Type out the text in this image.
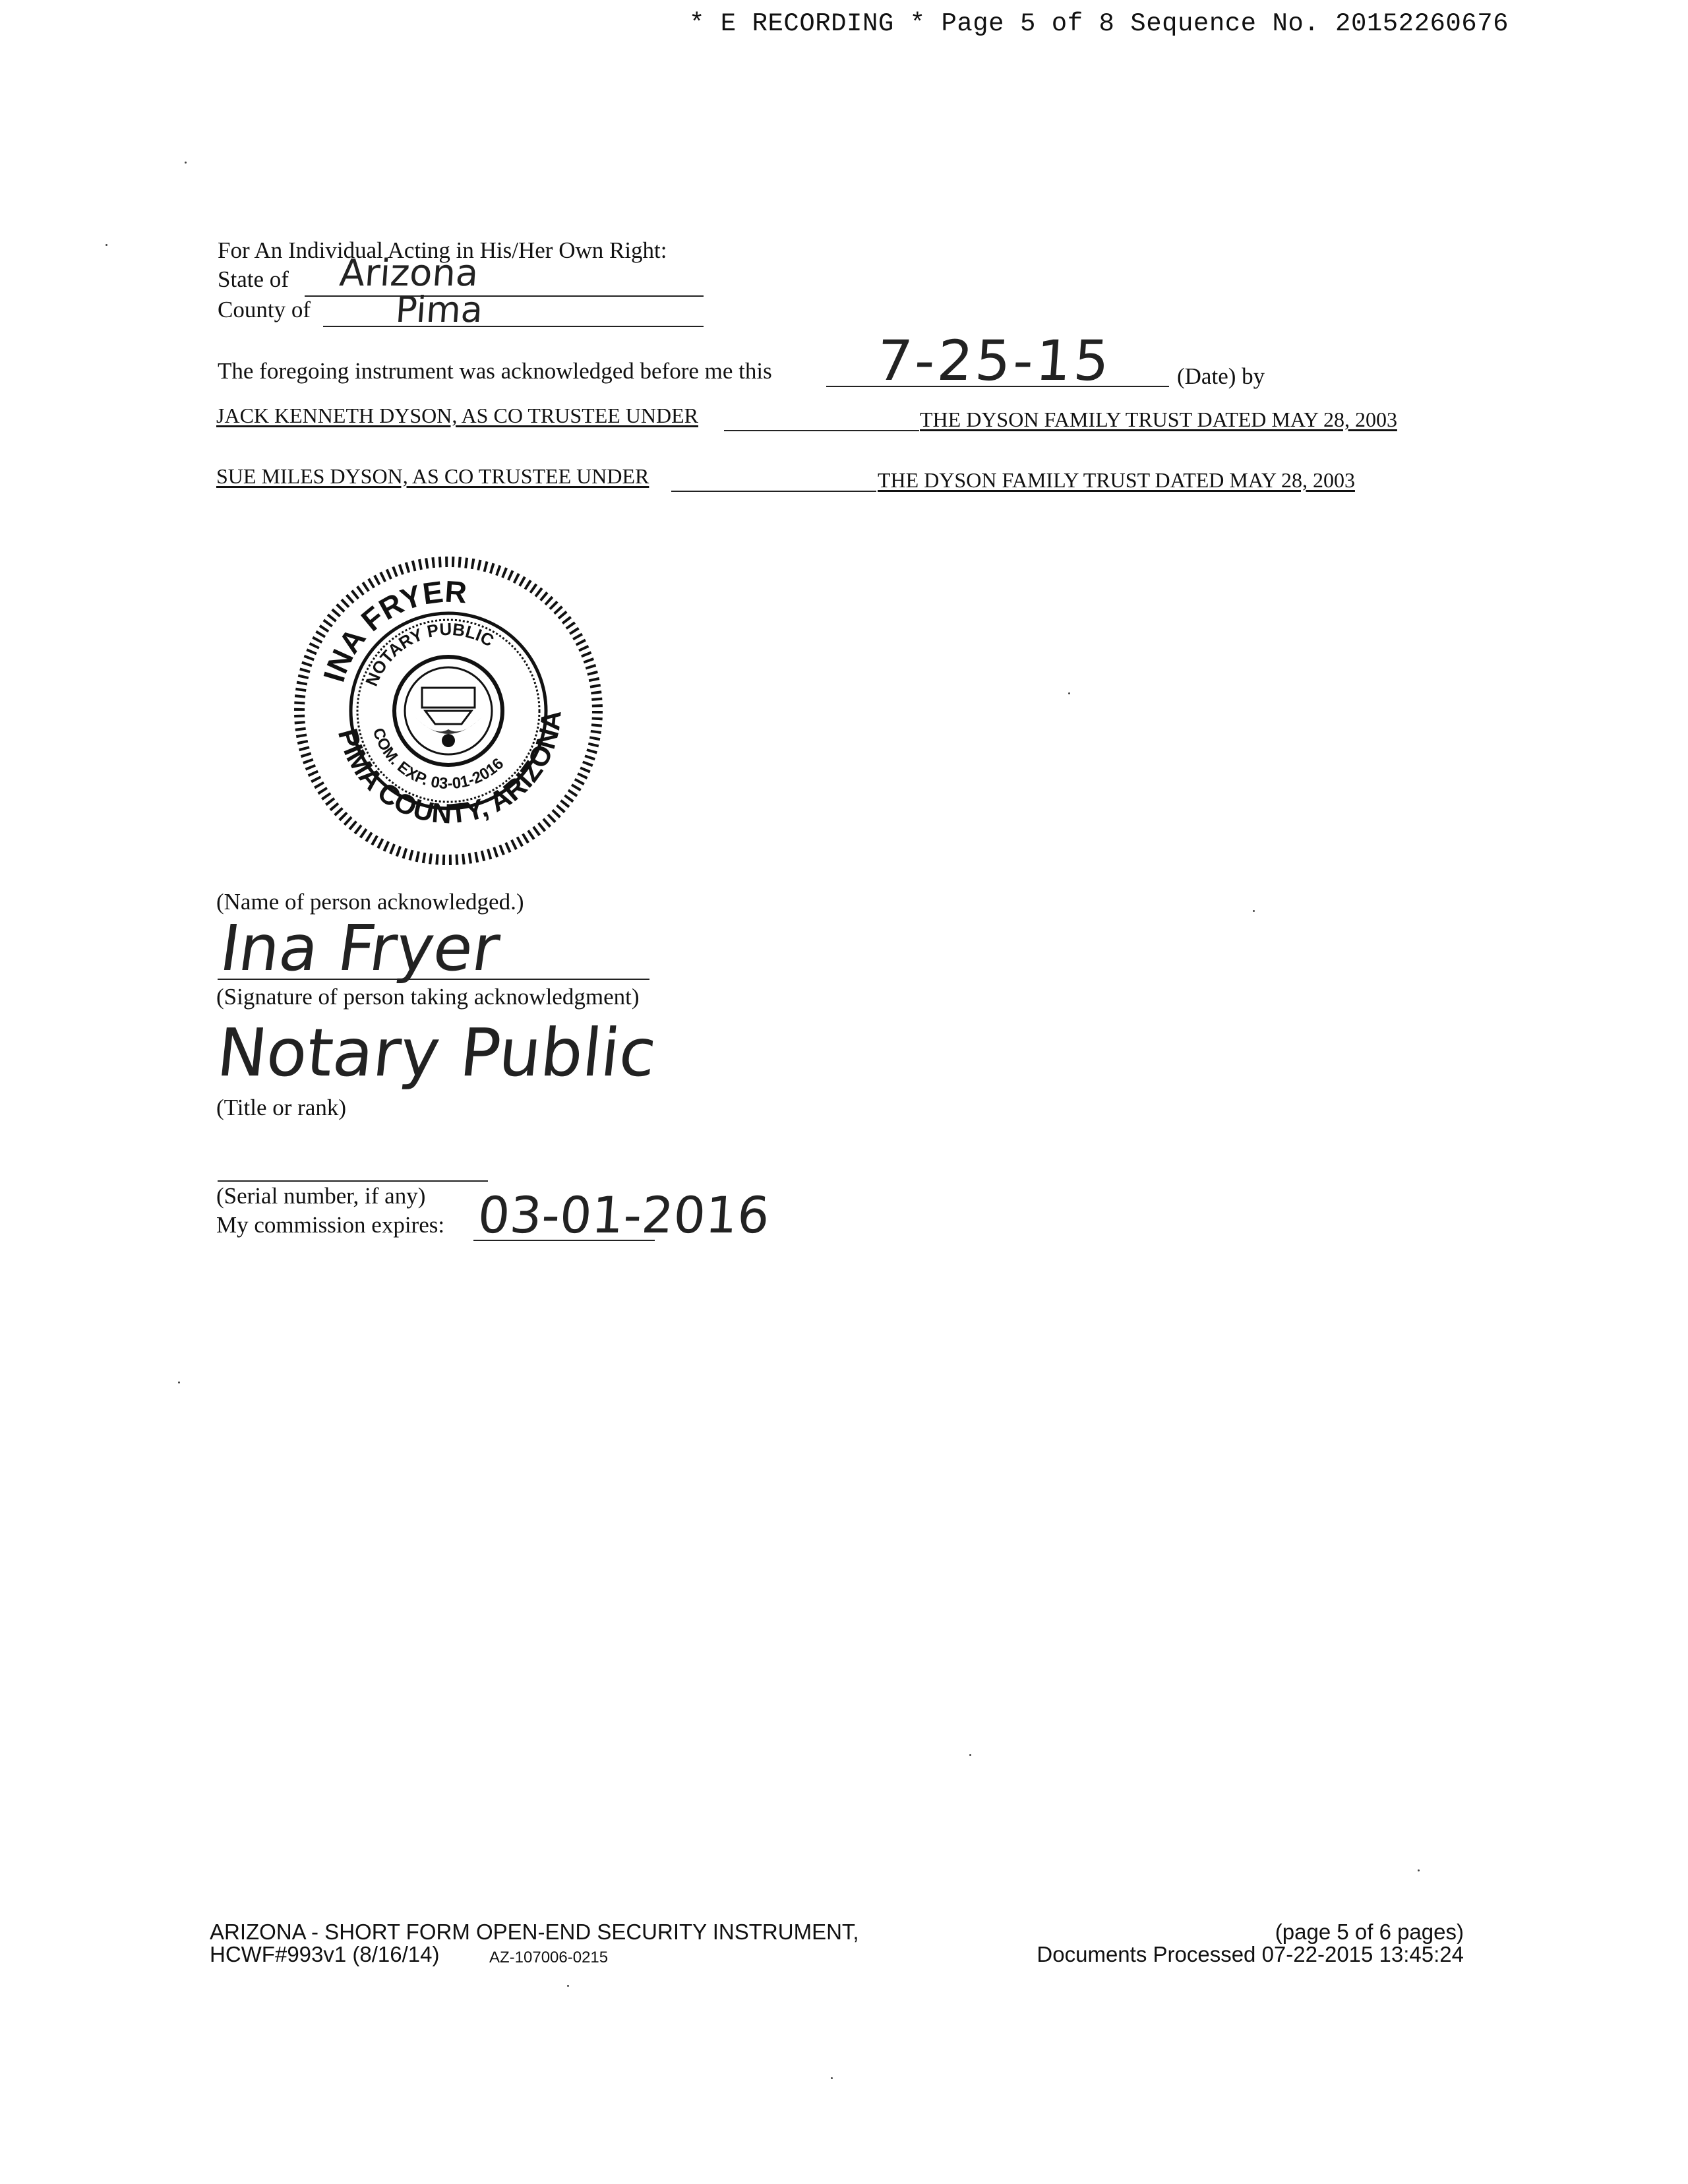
* E RECORDING * Page 5 of 8 Sequence No. 20152260676
For An Individual Acting in His/Her Own Right:
State of Arizona
County of Pima
The foregoing instrument was acknowledged before me this 7-25-15	(Date) by
JACK KENNETH DYSON, AS CO TRUSTEE UNDER	THE DYSON FAMILY TRUST DATED MAY 28, 2003
SUE MILES DYSON, AS CO TRUSTEE UNDER	THE DYSON FAMILY TRUST DATED MAY 28, 2003
INA FRYER
PIMA COUNTY, ARIZONA
NOTARY PUBLIC
COM. EXP. 03-01-2016
(Name of person acknowledged.)
Ina Fryer
(Signature of person taking acknowledgment)
Notary Public
(Title or rank)
(Serial number, if any)
My commission expires: 03-01-2016
ARIZONA - SHORT FORM OPEN-END SECURITY INSTRUMENT,
HCWF#993v1 (8/16/14)	AZ-107006-0215
(page 5 of 6 pages)
Documents Processed 07-22-2015 13:45:24
